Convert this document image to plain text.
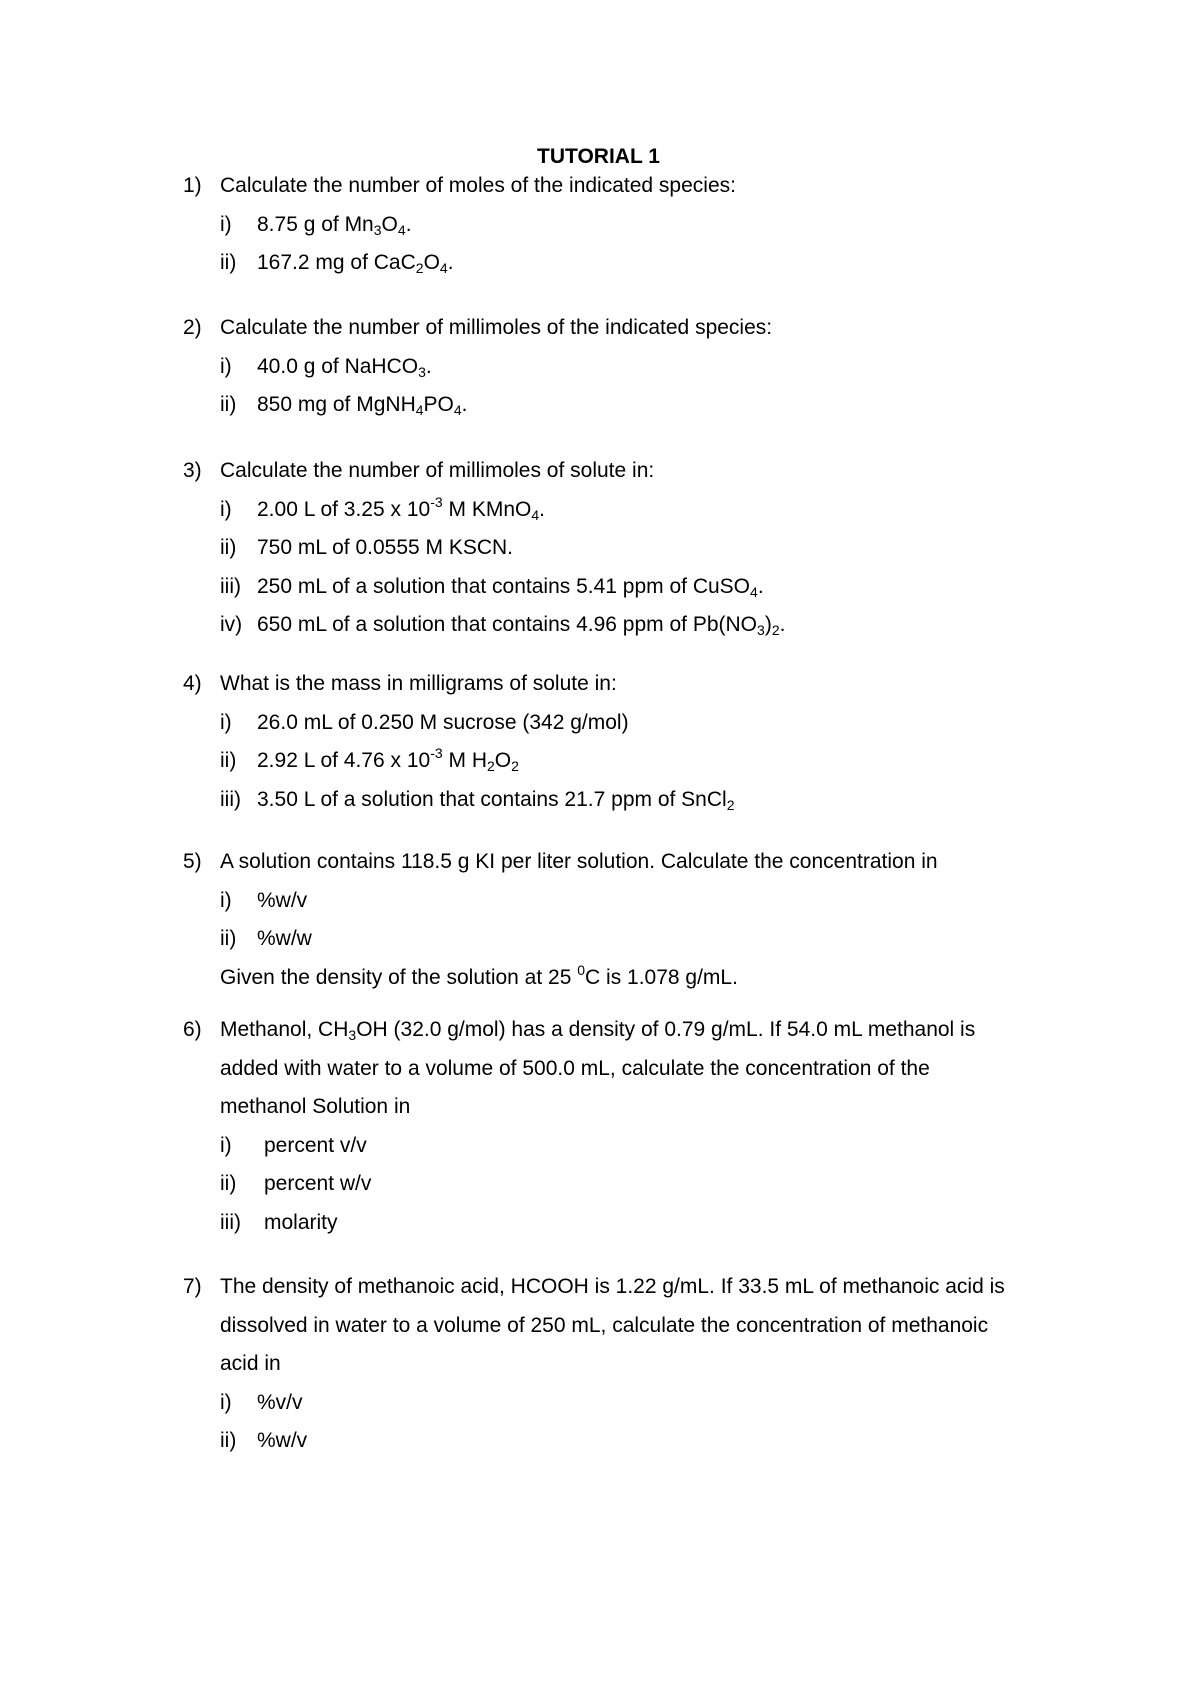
TUTORIAL 1
1) Calculate the number of moles of the indicated species:
i)	8.75 g of $Mn_3O_4$.
ii) 167.2 mg of $CaC_2O_4$.
2) Calculate the number of millimoles of the indicated species:
i)	40.0 g of NaHCO$_3$.
ii) 850 mg of $MgNH_4PO_4$.
3) Calculate the number of millimoles of solute in:
i)	2.00 L of 3.25 x $10^{-3}$ M KMnO$_4$.
ii) 750 mL of 0.0555 M KSCN.
iii) 250 mL of a solution that contains 5.41 ppm of CuSO$_4$.
iv) 650 mL of a solution that contains 4.96 ppm of $Pb(NO_3)_2$.
4) What is the mass in milligrams of solute in:
i)	26.0 mL of 0.250 M sucrose (342 g/mol)
ii) 2.92 L of 4.76 x $10^{-3}$ M $H_2O_2$
iii) 3.50 L of a solution that contains 21.7 ppm of SnCl$_2$
5) A solution contains 118.5 g KI per liter solution. Calculate the concentration in
i)	%w/v
ii) %w/w
Given the density of the solution at 25 $^0$C is 1.078 g/mL.
6) Methanol, $CH_3OH$ (32.0 g/mol) has a density of 0.79 g/mL. If 54.0 mL methanol is
added with water to a volume of 500.0 mL, calculate the concentration of the
methanol Solution in
i)	percent v/v
ii)	percent w/v
iii)	molarity
7) The density of methanoic acid, HCOOH is 1.22 g/mL. If 33.5 mL of methanoic acid is
dissolved in water to a volume of 250 mL, calculate the concentration of methanoic
acid in
i)	%v/v
ii) %w/v
